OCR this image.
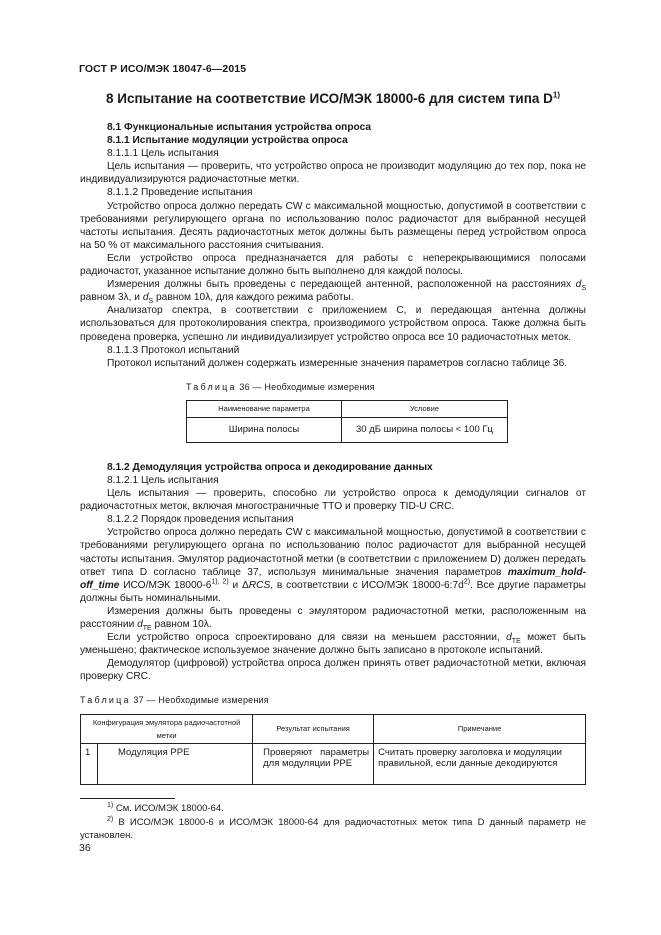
ГОСТ Р ИСО/МЭК 18047-6—2015
8 Испытание на соответствие ИСО/МЭК 18000-6 для систем типа $D^{1)}$

8.1 Функциональные испытания устройства опроса

8.1.1 Испытание модуляции устройства опроса

8.1.1.1 Цель испытания

Цель испытания — проверить, что устройство опроса не производит модуляцию до тех пор, пока не индивидуализируются радиочастотные метки.

8.1.1.2 Проведение испытания

Устройство опроса должно передать CW с максимальной мощностью, допустимой в соответствии с требованиями регулирующего органа по использованию полос радиочастот для выбранной несущей частоты испытания. Десять радиочастотных меток должны быть размещены перед устройством опроса на 50 % от максимального расстояния считывания.

Если устройство опроса предназначается для работы с неперекрывающимися полосами радиочастот, указанное испытание должно быть выполнено для каждой полосы.

Измерения должны быть проведены с передающей антенной, расположенной на расстояниях $d_S$ равном 3λ, и $d_S$ равном 10λ, для каждого режима работы.

Анализатор спектра, в соответствии с приложением С, и передающая антенна должны использоваться для протоколирования спектра, производимого устройством опроса. Также должна быть проведена проверка, успешно ли индивидуализирует устройство опроса все 10 радиочастотных меток.

8.1.1.3 Протокол испытаний

Протокол испытаний должен содержать измеренные значения параметров согласно таблице 36.

Таблица 36 — Необходимые измерения

Наименование параметра	Условие
Ширина полосы	30 дБ ширина полосы < 100 Гц

8.1.2 Демодуляция устройства опроса и декодирование данных

8.1.2.1 Цель испытания

Цель испытания — проверить, способно ли устройство опроса к демодуляции сигналов от радиочастотных меток, включая многостраничные TTO и проверку TID-U CRC.

8.1.2.2 Порядок проведения испытания

Устройство опроса должно передать CW с максимальной мощностью, допустимой в соответствии с требованиями регулирующего органа по использованию полос радиочастот для выбранной несущей частоты испытания. Эмулятор радиочастотной метки (в соответствии с приложением D) должен передать ответ типа D согласно таблице 37, используя минимальные значения параметров maximum_hold-off_time ИСО/МЭК $18000-6^{1), 2)}$ и ΔRCS, в соответствии с ИСО/МЭК $18000-6:7d^{2)}$. Все другие параметры должны быть номинальными.

Измерения должны быть проведены с эмулятором радиочастотной метки, расположенным на расстоянии $d_{TE}$ равном 10λ.

Если устройство опроса спроектировано для связи на меньшем расстоянии, $d_{TE}$ может быть уменьшено; фактическое используемое значение должно быть записано в протоколе испытаний.

Демодулятор (цифровой) устройства опроса должен принять ответ радиочастотной метки, включая проверку CRC.

Таблица 37 — Необходимые измерения

Конфигурация эмулятора радиочастотной метки		Результат испытания	Примечание
1	Модуляция PPE	Проверяют параметры для модуляции PPE	Считать проверку заголовка и модуляции правильной, если данные декодируются

$^{1)}$ См. ИСО/МЭК 18000-64.

$^{2)}$ В ИСО/МЭК 18000-6 и ИСО/МЭК 18000-64 для радиочастотных меток типа D данный параметр не установлен.

36
